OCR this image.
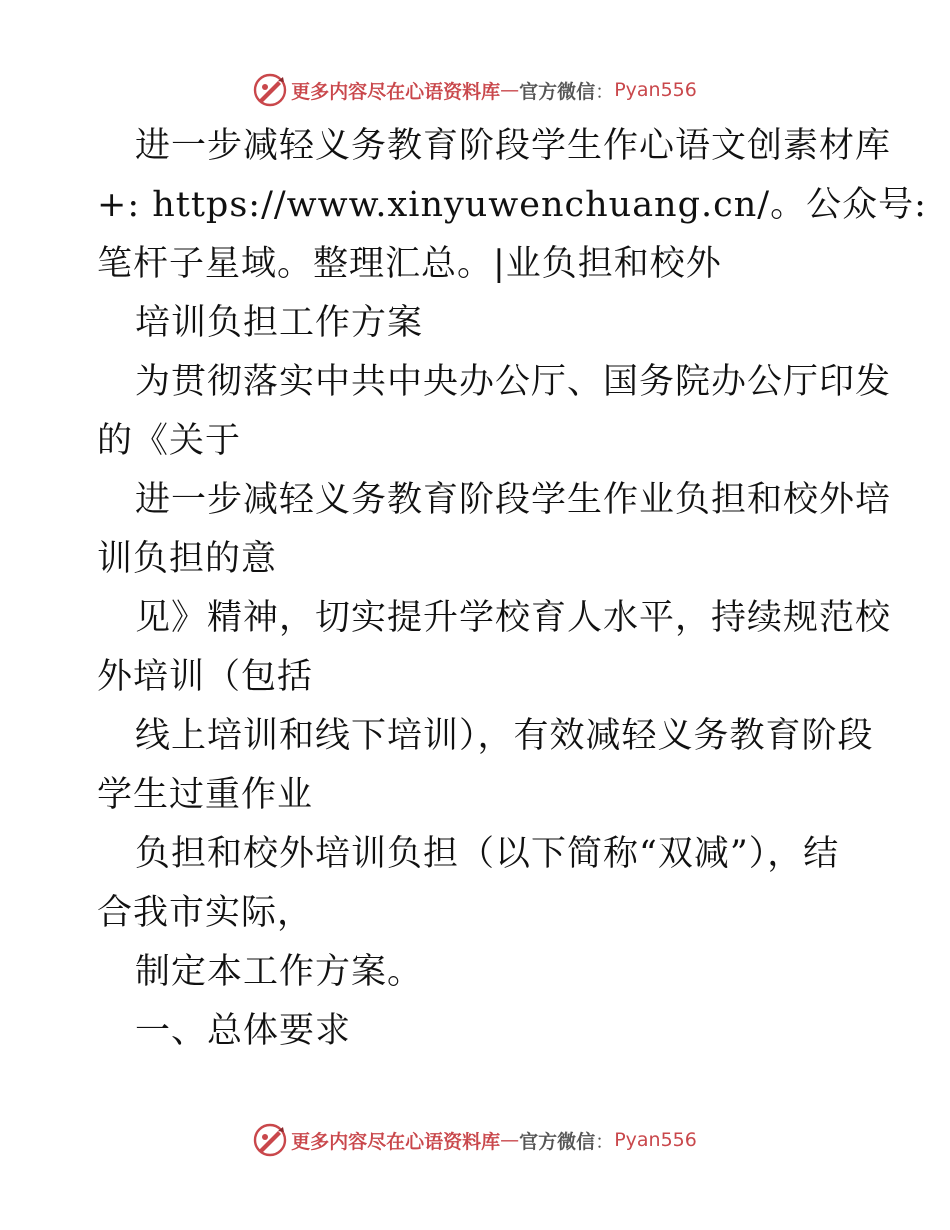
更多内容尽在心语资料库 — 官方微信 ： Pyan556

进一步减轻义务教育阶段学生作心语文创素材库

+: https://www.xinyuwenchuang.cn/。公众号:

笔杆子星域。整理汇总。|业负担和校外

培训负担工作方案

为贯彻落实中共中央办公厅、国务院办公厅印发

的《关于

进一步减轻义务教育阶段学生作业负担和校外培

训负担的意

见》精神，切实提升学校育人水平，持续规范校

外培训（包括

线上培训和线下培训），有效减轻义务教育阶段

学生过重作业

负担和校外培训负担（以下简称“双减”），结

合我市实际，

制定本工作方案。

一、总体要求

更多内容尽在心语资料库 — 官方微信 ： Pyan556
